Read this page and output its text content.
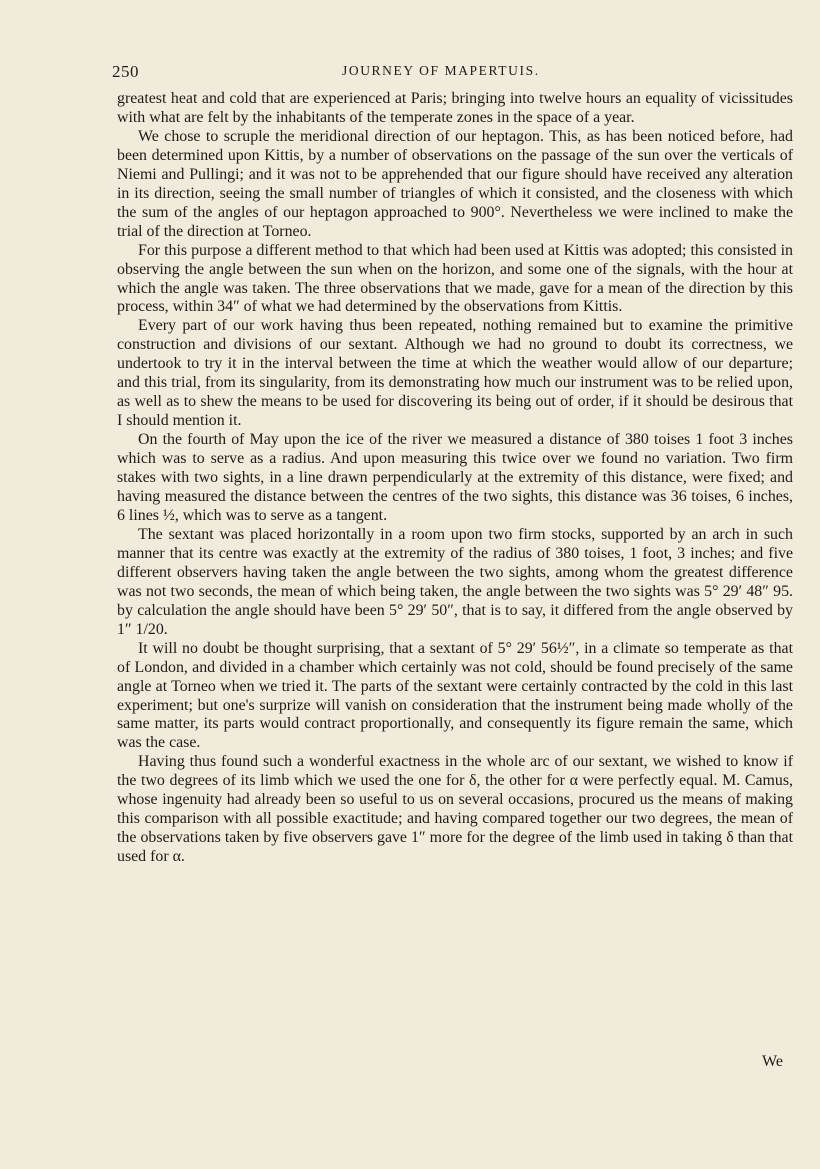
250	JOURNEY OF MAPERTUIS.

greatest heat and cold that are experienced at Paris; bringing into twelve hours an equality of vicissitudes with what are felt by the inhabitants of the temperate zones in the space of a year.

We chose to scruple the meridional direction of our heptagon. This, as has been noticed before, had been determined upon Kittis, by a number of observations on the passage of the sun over the verticals of Niemi and Pullingi; and it was not to be apprehended that our figure should have received any alteration in its direction, seeing the small number of triangles of which it consisted, and the closeness with which the sum of the angles of our heptagon approached to 900°. Nevertheless we were inclined to make the trial of the direction at Torneo.

For this purpose a different method to that which had been used at Kittis was adopted; this consisted in observing the angle between the sun when on the horizon, and some one of the signals, with the hour at which the angle was taken. The three observations that we made, gave for a mean of the direction by this process, within 34″ of what we had determined by the observations from Kittis.

Every part of our work having thus been repeated, nothing remained but to examine the primitive construction and divisions of our sextant. Although we had no ground to doubt its correctness, we undertook to try it in the interval between the time at which the weather would allow of our departure; and this trial, from its singularity, from its demonstrating how much our instrument was to be relied upon, as well as to shew the means to be used for discovering its being out of order, if it should be desirous that I should mention it.

On the fourth of May upon the ice of the river we measured a distance of 380 toises 1 foot 3 inches which was to serve as a radius. And upon measuring this twice over we found no variation. Two firm stakes with two sights, in a line drawn perpendicularly at the extremity of this distance, were fixed; and having measured the distance between the centres of the two sights, this distance was 36 toises, 6 inches, 6 lines ½, which was to serve as a tangent.

The sextant was placed horizontally in a room upon two firm stocks, supported by an arch in such manner that its centre was exactly at the extremity of the radius of 380 toises, 1 foot, 3 inches; and five different observers having taken the angle between the two sights, among whom the greatest difference was not two seconds, the mean of which being taken, the angle between the two sights was 5° 29′ 48″ 95. by calculation the angle should have been 5° 29′ 50″, that is to say, it differed from the angle observed by 1″ 1/20.

It will no doubt be thought surprising, that a sextant of 5° 29′ 56½″, in a climate so temperate as that of London, and divided in a chamber which certainly was not cold, should be found precisely of the same angle at Torneo when we tried it. The parts of the sextant were certainly contracted by the cold in this last experiment; but one's surprize will vanish on consideration that the instrument being made wholly of the same matter, its parts would contract proportionally, and consequently its figure remain the same, which was the case.

Having thus found such a wonderful exactness in the whole arc of our sextant, we wished to know if the two degrees of its limb which we used the one for δ, the other for α were perfectly equal. M. Camus, whose ingenuity had already been so useful to us on several occasions, procured us the means of making this comparison with all possible exactitude; and having compared together our two degrees, the mean of the observations taken by five observers gave 1″ more for the degree of the limb used in taking δ than that used for α.

We
